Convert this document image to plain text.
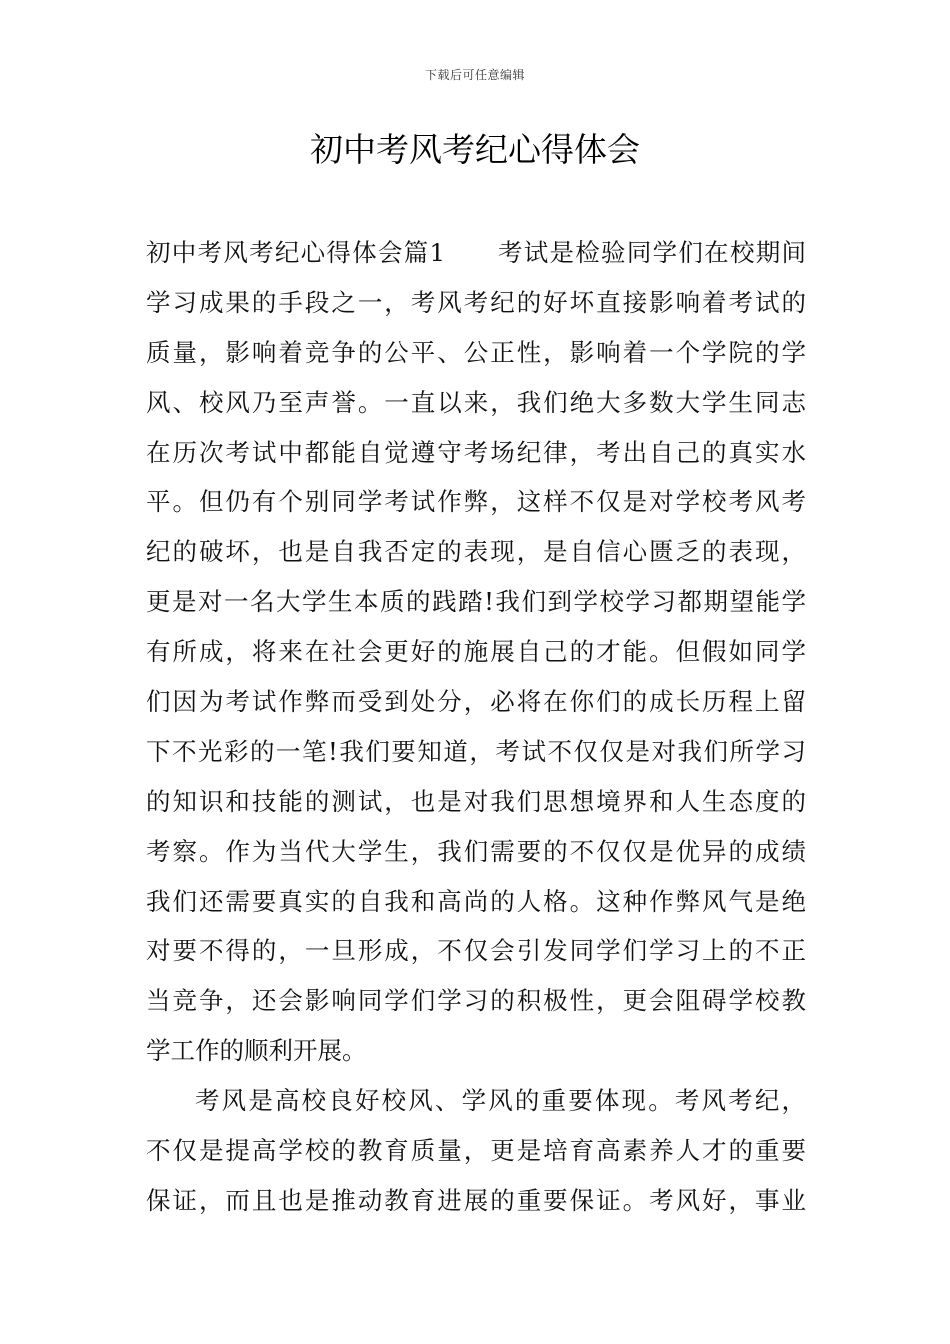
下载后可任意编辑
初中考风考纪心得体会
初中考风考纪心得体会篇1　　考试是检验同学们在校期间
学习成果的手段之一，考风考纪的好坏直接影响着考试的
质量，影响着竞争的公平、公正性，影响着一个学院的学
风、校风乃至声誉。一直以来，我们绝大多数大学生同志
在历次考试中都能自觉遵守考场纪律，考出自己的真实水
平。但仍有个别同学考试作弊，这样不仅是对学校考风考
纪的破坏，也是自我否定的表现，是自信心匮乏的表现，
更是对一名大学生本质的践踏!我们到学校学习都期望能学
有所成，将来在社会更好的施展自己的才能。但假如同学
们因为考试作弊而受到处分，必将在你们的成长历程上留
下不光彩的一笔!我们要知道，考试不仅仅是对我们所学习
的知识和技能的测试，也是对我们思想境界和人生态度的
考察。作为当代大学生，我们需要的不仅仅是优异的成绩
我们还需要真实的自我和高尚的人格。这种作弊风气是绝
对要不得的，一旦形成，不仅会引发同学们学习上的不正
当竞争，还会影响同学们学习的积极性，更会阻碍学校教
学工作的顺利开展。
考风是高校良好校风、学风的重要体现。考风考纪，
不仅是提高学校的教育质量，更是培育高素养人才的重要
保证，而且也是推动教育进展的重要保证。考风好，事业
